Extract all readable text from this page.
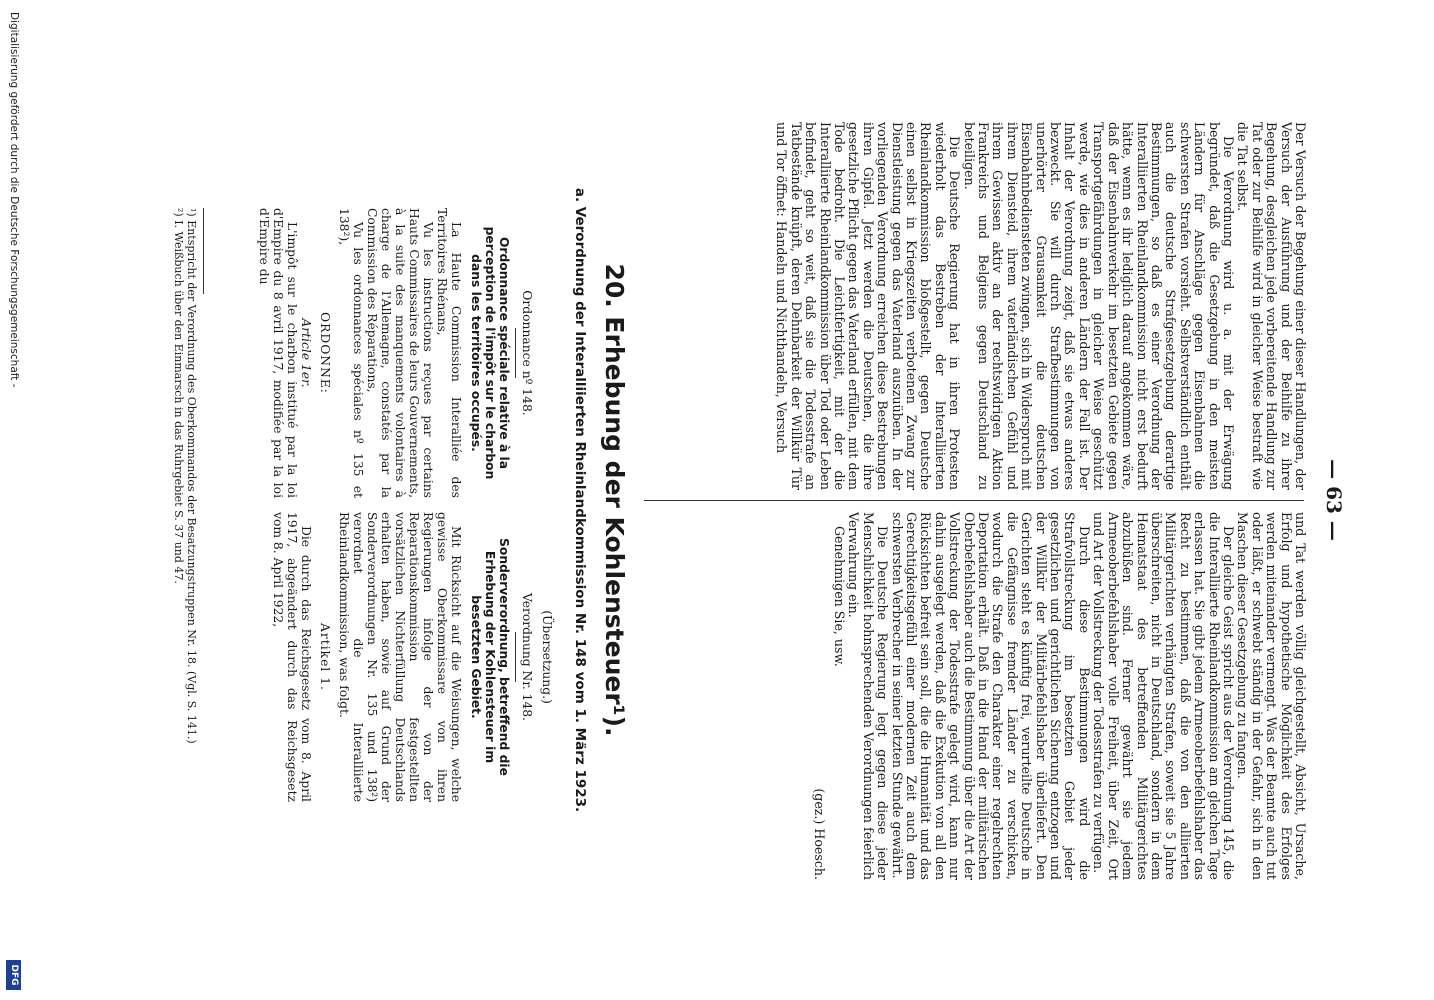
— 63 —

Der Versuch der Begehung einer dieser Handlungen, der Versuch der Ausführung und der Beihilfe zu ihrer Begehung, desgleichen jede vorbereitende Handlung zur Tat oder zur Beihilfe wird in gleicher Weise bestraft wie die Tat selbst.

Die Verordnung wird u. a. mit der Erwägung begründet, daß die Gesetzgebung in den meisten Ländern für Anschläge gegen Eisenbahnen die schwersten Strafen vorsieht. Selbstverständlich enthält auch die deutsche Strafgesetzgebung derartige Bestimmungen, so daß es einer Verordnung der Interalliierten Rheinlandkommission nicht erst bedurft hätte, wenn es ihr lediglich darauf angekommen wäre, daß der Eisenbahnverkehr im besetzten Gebiete gegen Transportgefährdungen in gleicher Weise geschützt werde, wie dies in anderen Ländern der Fall ist. Der Inhalt der Verordnung zeigt, daß sie etwas anderes bezweckt. Sie will durch Strafbestimmungen von unerhörter Grausamkeit die deutschen Eisenbahnbediensteten zwingen, sich in Widerspruch mit ihrem Diensteid, ihrem vaterländischen Gefühl und ihrem Gewissen aktiv an der rechtswidrigen Aktion Frankreichs und Belgiens gegen Deutschland zu beteiligen.

Die Deutsche Regierung hat in ihren Protesten wiederholt das Bestreben der Interalliierten Rheinlandkommission bloßgestellt, gegen Deutsche einen selbst in Kriegszeiten verbotenen Zwang zur Dienstleistung gegen das Vaterland auszuüben. In der vorliegenden Verordnung erreichen diese Bestrebungen ihren Gipfel. Jetzt werden die Deutschen, die ihre gesetzliche Pflicht gegen das Vaterland erfüllen, mit dem Tode bedroht. Die Leichtfertigkeit, mit der die Interalliierte Rheinlandkommission über Tod oder Leben befindet, geht so weit, daß sie die Todesstrafe an Tatbestände knüpft, deren Dehnbarkeit der Willkür Tür und Tor öffnet: Handeln und Nichthandeln, Versuch

und Tat werden völlig gleichgestellt, Absicht, Ursache, Erfolg und hypothetische Möglichkeit des Erfolges werden miteinander vermengt. Was der Beamte auch tut oder läßt, er schwebt ständig in der Gefahr, sich in den Maschen dieser Gesetzgebung zu fangen.

Der gleiche Geist spricht aus der Verordnung 145, die die Interalliierte Rheinlandkommission am gleichen Tage erlassen hat. Sie gibt jedem Armeeoberbefehlshaber das Recht zu bestimmen, daß die von den alliierten Militärgerichten verhängten Strafen, soweit sie 5 Jahre überschreiten, nicht in Deutschland, sondern in dem Heimatstaat des betreffenden Militärgerichtes abzubüßen sind. Ferner gewährt sie jedem Armeeoberbefehlshaber volle Freiheit, über Zeit, Ort und Art der Vollstreckung der Todesstrafen zu verfügen.

Durch diese Bestimmungen wird die Strafvollstreckung im besetzten Gebiet jeder gesetzlichen und gerichtlichen Sicherung entzogen und der Willkür der Militärbefehlshaber überliefert. Den Gerichten steht es künftig frei, verurteilte Deutsche in die Gefängnisse fremder Länder zu verschicken, wodurch die Strafe den Charakter einer regelrechten Deportation erhält. Daß in die Hand der militärischen Oberbefehlshaber auch die Bestimmung über die Art der Vollstreckung der Todesstrafe gelegt wird, kann nur dahin ausgelegt werden, daß die Exekution von all den Rücksichten befreit sein soll, die die Humanität und das Gerechtigkeitsgefühl einer modernen Zeit auch dem schwersten Verbrecher in seiner letzten Stunde gewährt.

Die Deutsche Regierung legt gegen diese jeder Menschlichkeit hohnsprechenden Verordnungen feierlich Verwahrung ein.

Genehmigen Sie, usw.

(gez.) Hoesch.

20. Erhebung der Kohlensteuer¹).
a. Verordnung der Interalliierten Rheinlandkommission Nr. 148 vom 1. März 1923.

Ordonnance nº 148.

Ordonnance spéciale relative à la perception de l'impôt sur le charbon dans les territoires occupés.

La Haute Commission Interalliée des Territoires Rhénans,

Vu les instructions reçues par certains Hauts Commissaires de leurs Gouvernements, à la suite des manquements volontaires à charge de l'Allemagne, constatés par la Commission des Réparations,

Vu les ordonnances spéciales nº 135 et 138²),

ORDONNE:

Article 1er.

L'impôt sur le charbon institué par la loi d'Empire du 8 avril 1917, modifiée par la loi d'Empire du

(Übersetzung.)

Verordnung Nr. 148.

Sonderverordnung, betreffend die Erhebung der Kohlensteuer im besetzten Gebiet.

Mit Rücksicht auf die Weisungen, welche gewisse Oberkommissare von ihren Regierungen infolge der von der Reparationskommission festgestellten vorsätzlichen Nichterfüllung Deutschlands erhalten haben, sowie auf Grund der Sonderverordnungen Nr. 135 und 138²) verordnet die Interalliierte Rheinlandkommission, was folgt.

Artikel 1.

Die durch das Reichsgesetz vom 8. April 1917, abgeändert durch das Reichsgesetz vom 8. April 1922,

¹) Entspricht der Verordnung des Oberkommandos der Besatzungstruppen Nr. 18. (Vgl. S. 141.)

²) I. Weißbuch über den Einmarsch in das Ruhrgebiet S. 37 und 47.

Digitalisierung gefördert durch die Deutsche Forschungsgemeinschaft -
DFG
